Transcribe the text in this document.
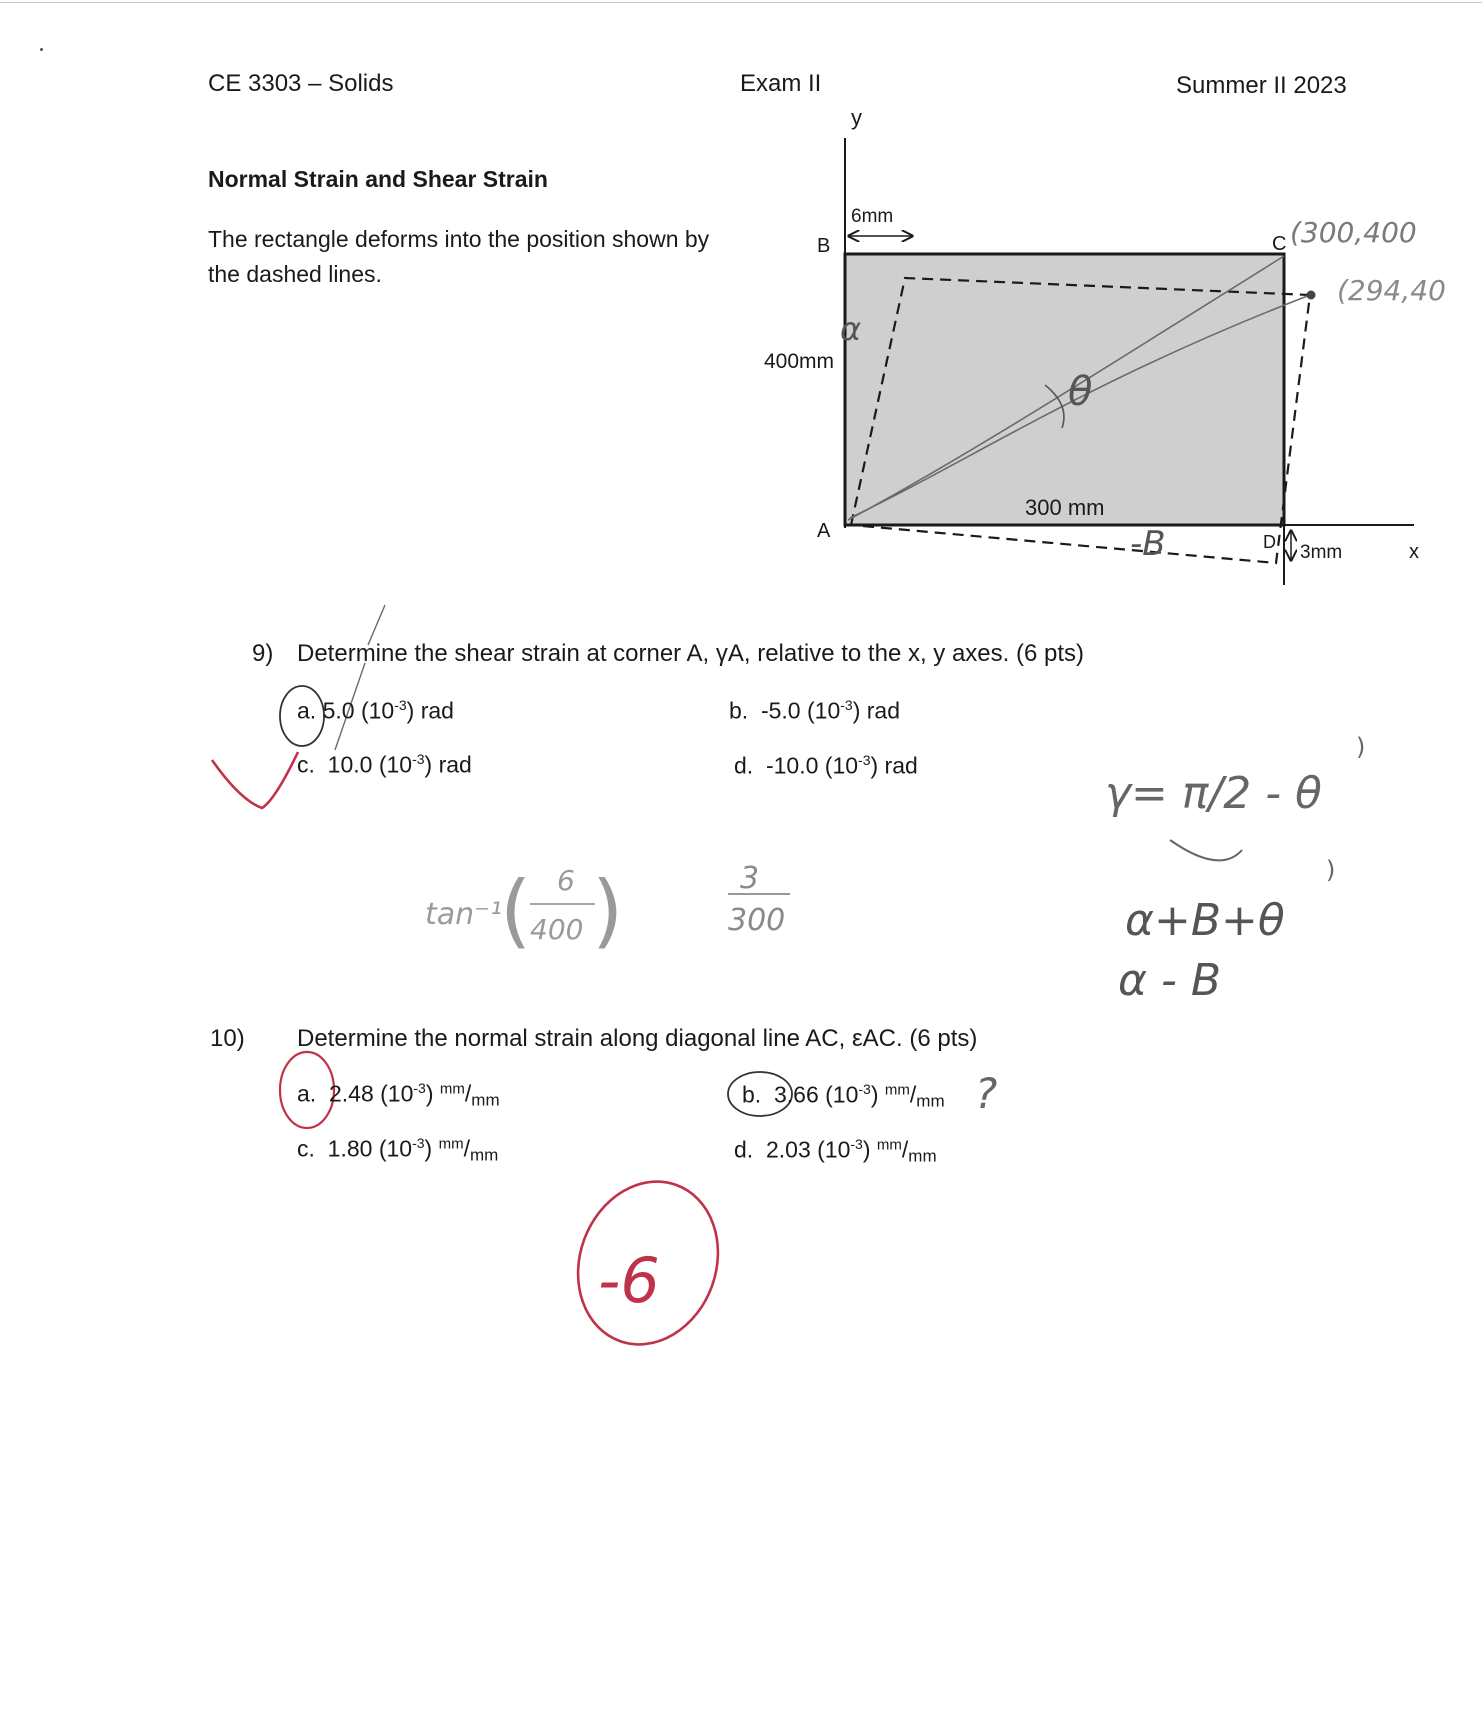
CE 3303 – Solids	Exam II	Summer II 2023
Normal Strain and Shear Strain
The rectangle deforms into the position shown by the dashed lines.
y
x
A
B	C
D
6mm
400mm
300 mm
3mm
(300,400
(294,40
θ
α
-B
γ= π/2 - θ
α+B+θ
α - B
)
)
tan⁻¹
( 6
400 )	3
300
?
-6
9) Determine the shear strain at corner A, γA, relative to the x, y axes. (6 pts)
a. 5.0 $(10^{-3})$ rad	b. -5.0 $(10^{-3})$ rad
c. 10.0 $(10^{-3})$ rad	d. -10.0 $(10^{-3})$ rad
10) Determine the normal strain along diagonal line AC, εAC. (6 pts)
a. 2.48 $(10^{-3})$ $^{mm}$/mm	b. 3.66 $(10^{-3})$ $^{mm}$/mm
c. 1.80 $(10^{-3})$ $^{mm}$/mm	d. 2.03 $(10^{-3})$ $^{mm}$/mm
